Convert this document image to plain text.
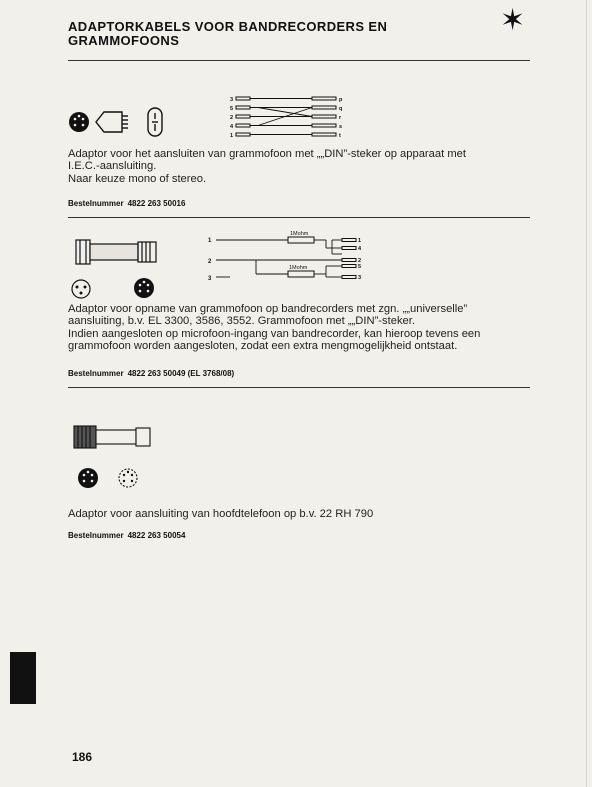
ADAPTORKABELS VOOR BANDRECORDERS EN
GRAMMOFOONS
✶
3
5
2
4
1
p
q
r
s
t
Adaptor voor het aansluiten van grammofoon met „„DIN”-steker op apparaat met
I.E.C.-aansluiting.
Naar keuze mono of stereo.
Bestelnummer 4822 263 50016
1
2
3
1Mohm
1Mohm
1
4
2
5
3
Adaptor voor opname van grammofoon op bandrecorders met zgn. „„universelle”
aansluiting, b.v. EL 3300, 3586, 3552. Grammofoon met „„DIN”-steker.
Indien aangesloten op microfoon-ingang van bandrecorder, kan hieroop tevens een
grammofoon worden aangesloten, zodat een extra mengmogelijkheid ontstaat.
Bestelnummer 4822 263 50049 (EL 3768/08)
Adaptor voor aansluiting van hoofdtelefoon op b.v. 22 RH 790
Bestelnummer 4822 263 50054
186
